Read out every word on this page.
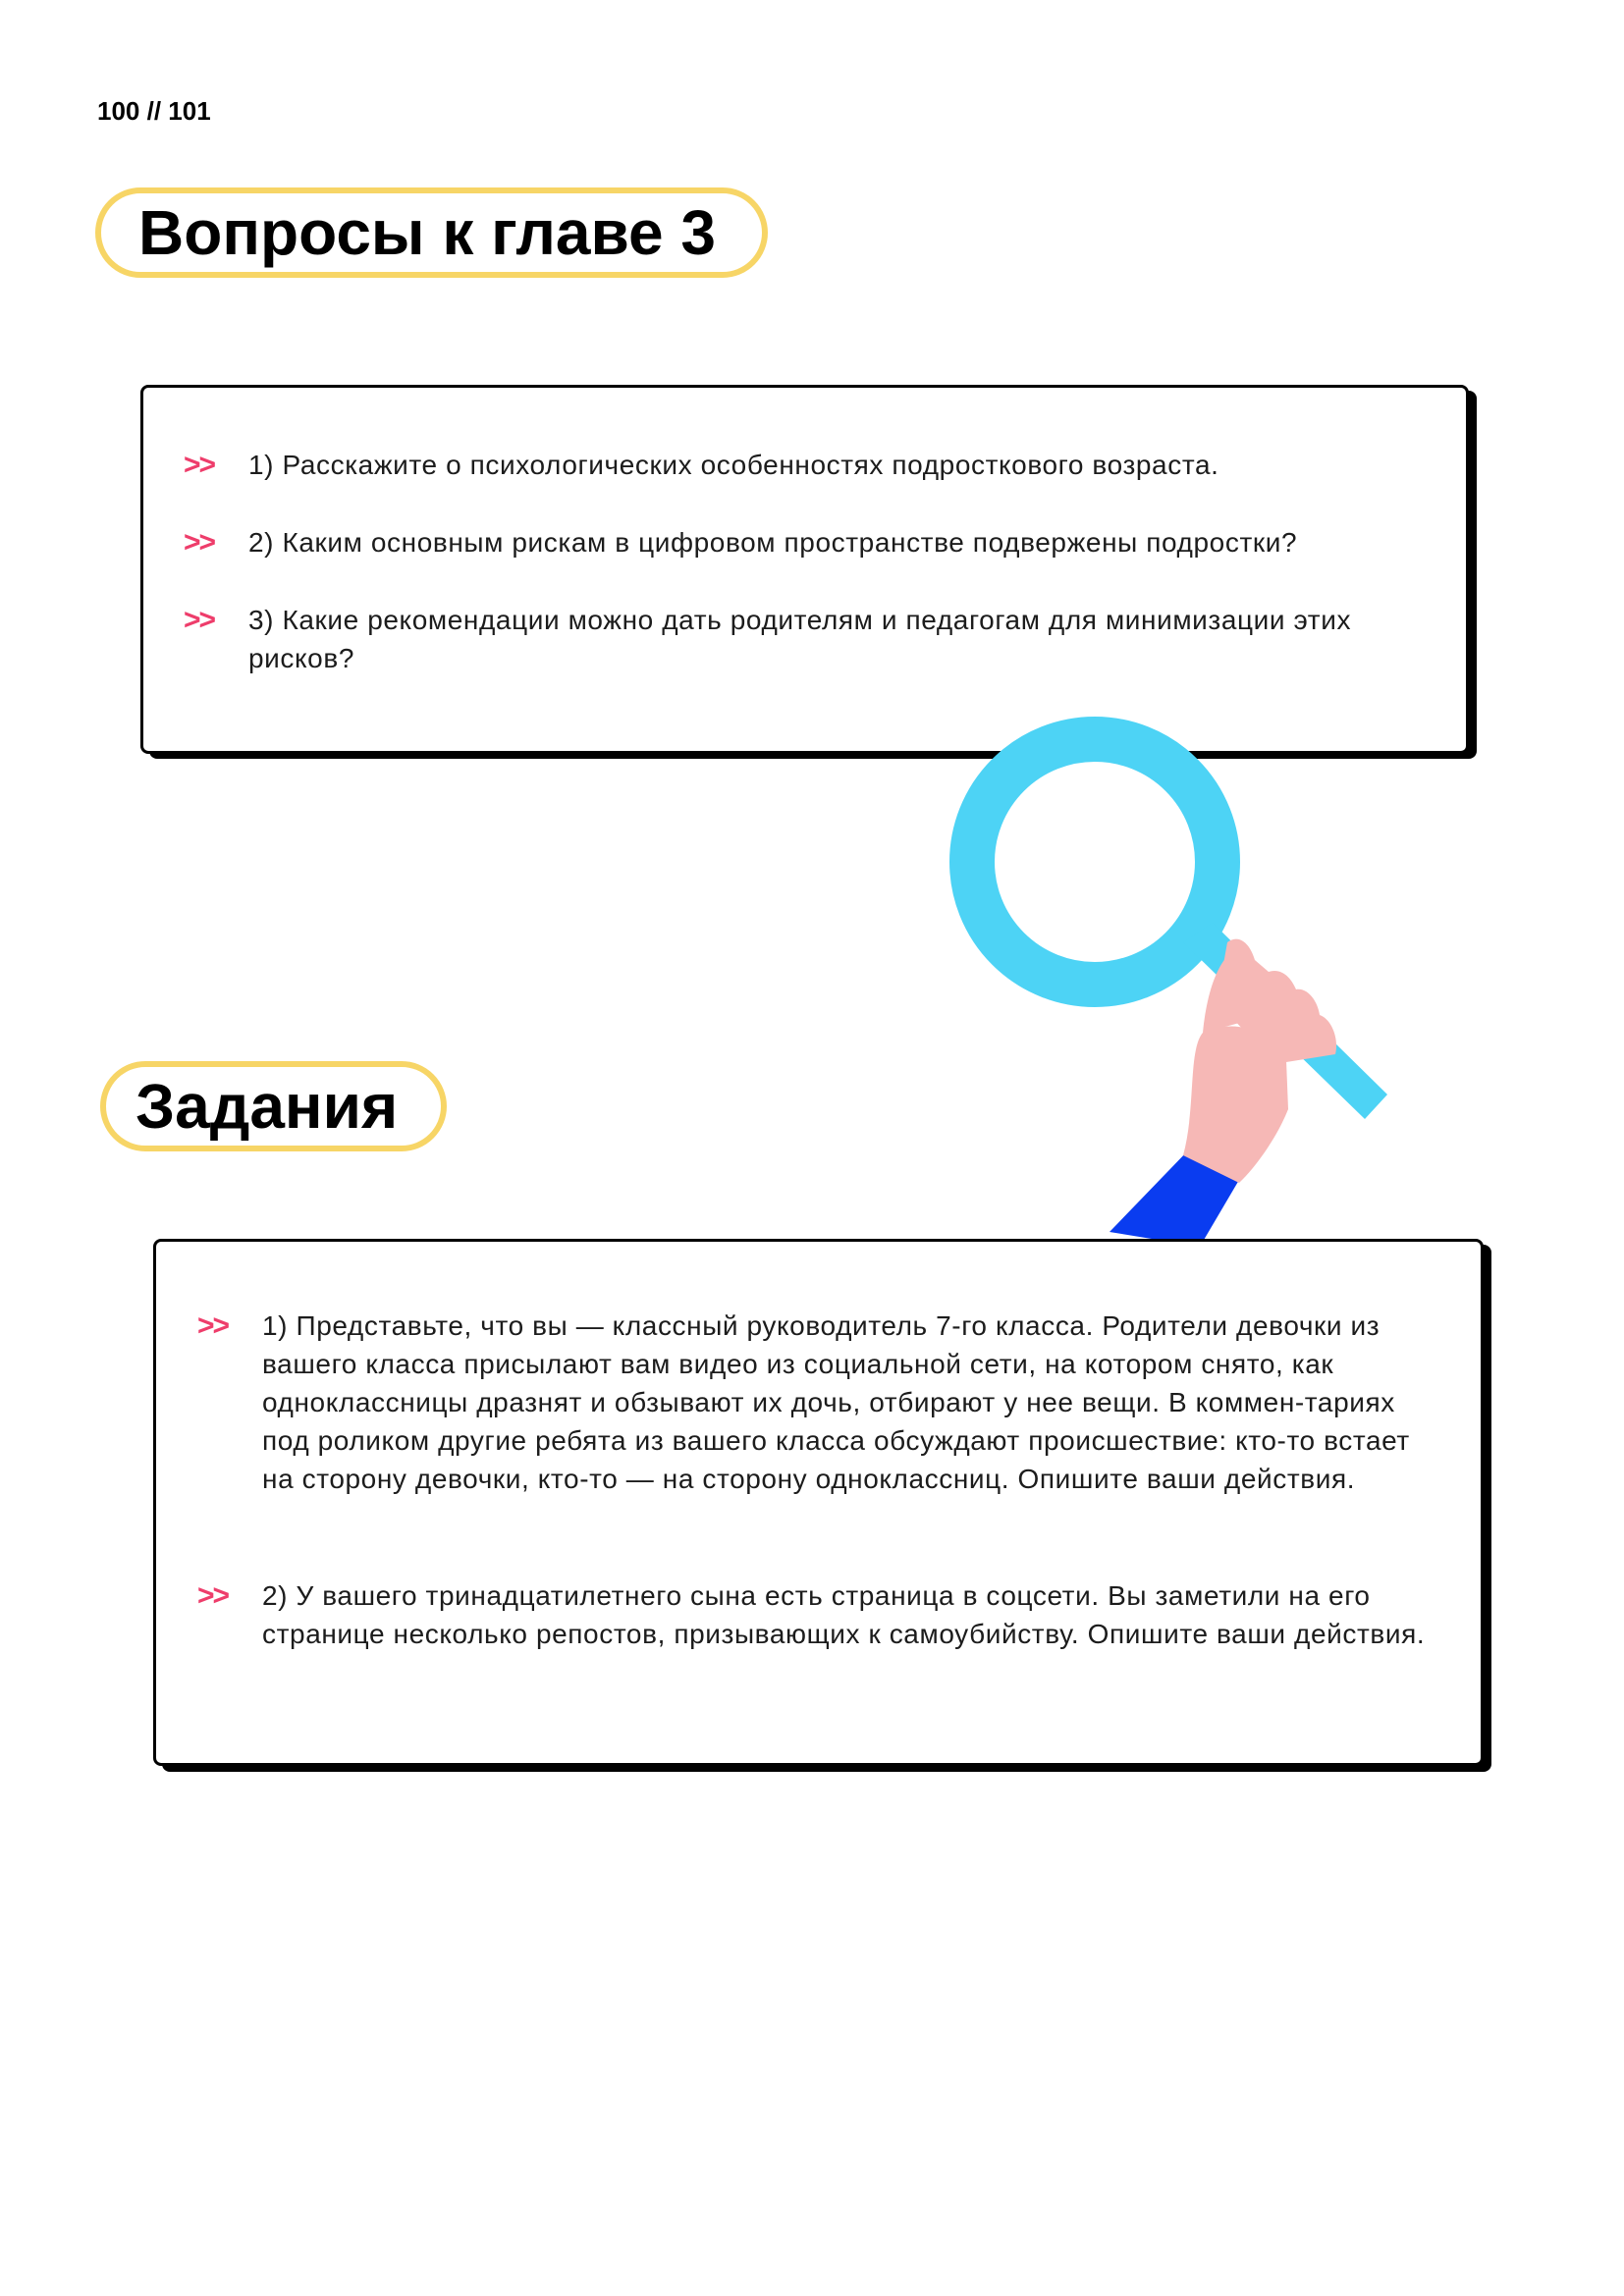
100 // 101
Вопросы к главе 3
>>	1) Расскажите о психологических особенностях подросткового возраста.
>>	2) Каким основным рискам в цифровом пространстве подвержены подростки?
>>	3) Какие рекомендации можно дать родителям и педагогам для минимизации этих рисков?
Задания
>>	1) Представьте, что вы — классный руководитель 7-го класса. Родители девочки из вашего класса присылают вам видео из социальной сети, на котором снято, как одноклассницы дразнят и обзывают их дочь, отбирают у нее вещи. В коммен-тариях под роликом другие ребята из вашего класса обсуждают происшествие: кто-то встает на сторону девочки, кто-то — на сторону одноклассниц. Опишите ваши действия.
>>	2) У вашего тринадцатилетнего сына есть страница в соцсети. Вы заметили на его странице несколько репостов, призывающих к самоубийству. Опишите ваши действия.
